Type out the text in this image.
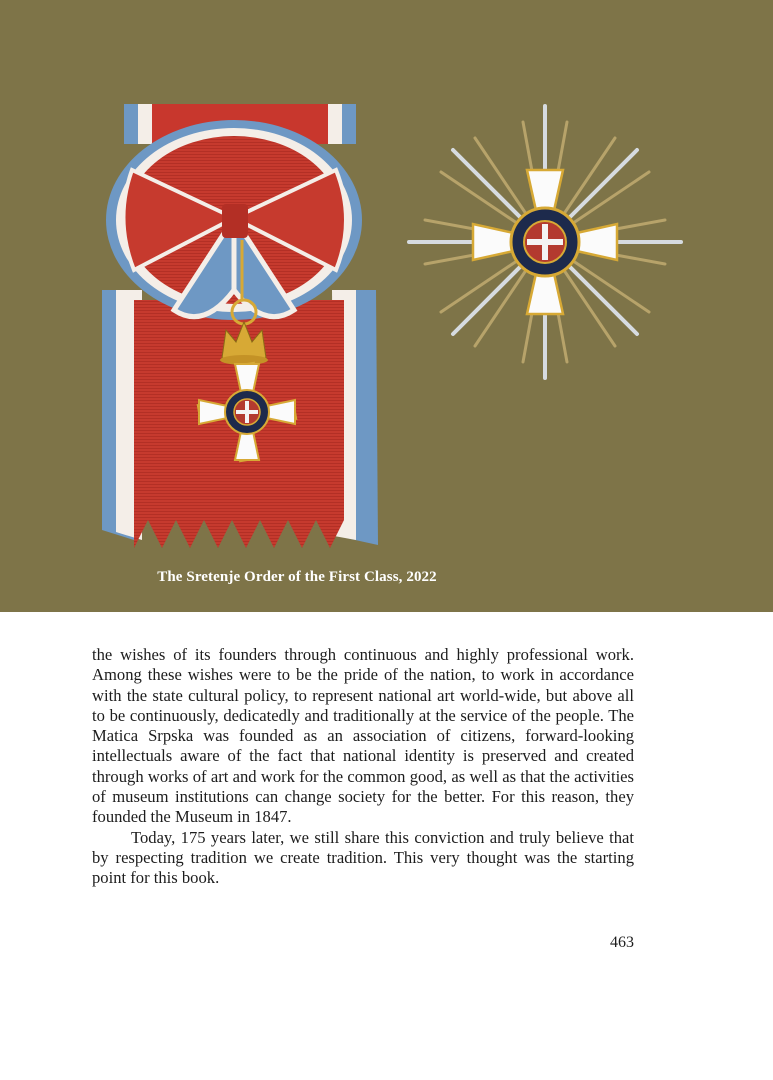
The Sretenje Order of the First Class, 2022

the wishes of its founders through continuous and highly professional work. Among these wishes were to be the pride of the nation, to work in accordance with the state cultural policy, to represent national art world-wide, but above all to be continuously, dedicatedly and traditionally at the service of the people. The Matica Srpska was founded as an association of citizens, forward-looking intellectuals aware of the fact that national identity is preserved and created through works of art and work for the common good, as well as that the activities of museum institutions can change society for the better. For this reason, they founded the Museum in 1847.

Today, 175 years later, we still share this conviction and truly believe that by respecting tradition we create tradition. This very thought was the starting point for this book.

463
